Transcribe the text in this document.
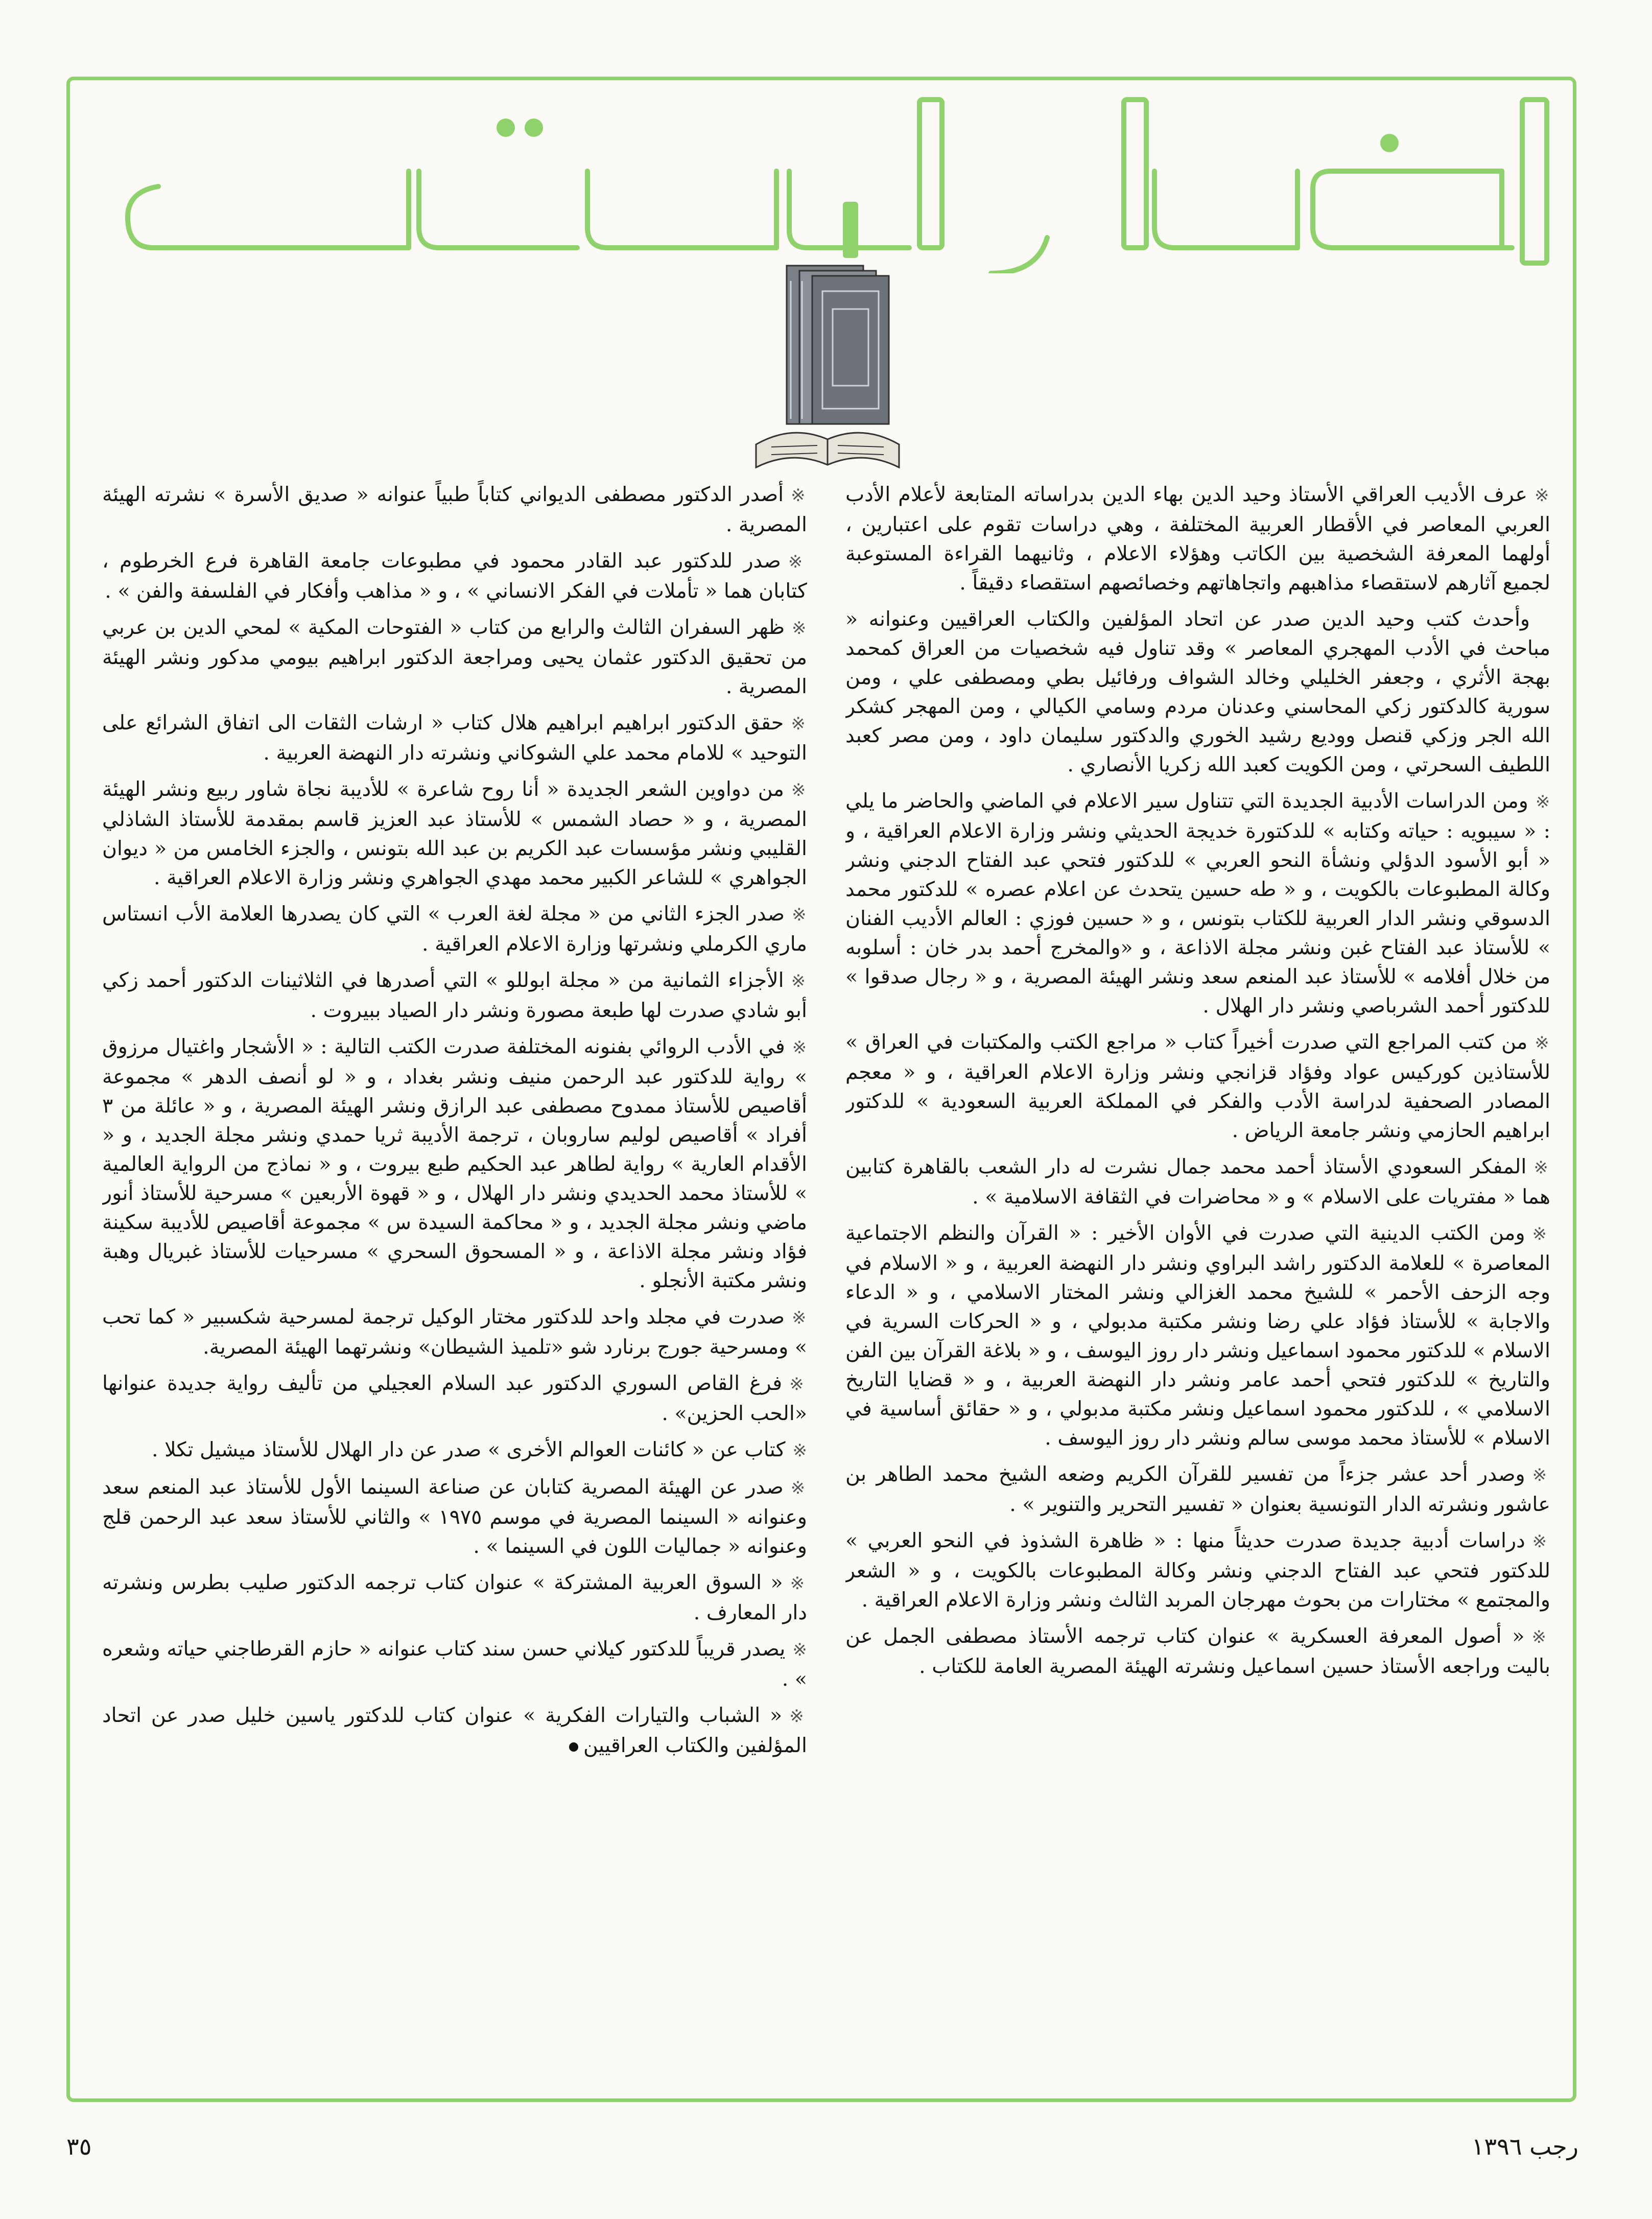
※عرف الأديب العراقي الأستاذ وحيد الدين بهاء الدين بدراساته المتابعة لأعلام الأدب العربي المعاصر في الأقطار العربية المختلفة ، وهي دراسات تقوم على اعتبارين ، أولهما المعرفة الشخصية بين الكاتب وهؤلاء الاعلام ، وثانيهما القراءة المستوعبة لجميع آثارهم لاستقصاء مذاهبهم واتجاهاتهم وخصائصهم استقصاء دقيقاً .

وأحدث كتب وحيد الدين صدر عن اتحاد المؤلفين والكتاب العراقيين وعنوانه « مباحث في الأدب المهجري المعاصر » وقد تناول فيه شخصيات من العراق كمحمد بهجة الأثري ، وجعفر الخليلي وخالد الشواف ورفائيل بطي ومصطفى علي ، ومن سورية كالدكتور زكي المحاسني وعدنان مردم وسامي الكيالي ، ومن المهجر كشكر الله الجر وزكي قنصل ووديع رشيد الخوري والدكتور سليمان داود ، ومن مصر كعبد اللطيف السحرتي ، ومن الكويت كعبد الله زكريا الأنصاري .

※ومن الدراسات الأدبية الجديدة التي تتناول سير الاعلام في الماضي والحاضر ما يلي : « سيبويه : حياته وكتابه » للدكتورة خديجة الحديثي ونشر وزارة الاعلام العراقية ، و « أبو الأسود الدؤلي ونشأة النحو العربي » للدكتور فتحي عبد الفتاح الدجني ونشر وكالة المطبوعات بالكويت ، و « طه حسين يتحدث عن اعلام عصره » للدكتور محمد الدسوقي ونشر الدار العربية للكتاب بتونس ، و « حسين فوزي : العالم الأديب الفنان » للأستاذ عبد الفتاح غبن ونشر مجلة الاذاعة ، و «والمخرج أحمد بدر خان : أسلوبه من خلال أفلامه » للأستاذ عبد المنعم سعد ونشر الهيئة المصرية ، و « رجال صدقوا » للدكتور أحمد الشرباصي ونشر دار الهلال .

※من كتب المراجع التي صدرت أخيراً كتاب « مراجع الكتب والمكتبات في العراق » للأستاذين كوركيس عواد وفؤاد قزانجي ونشر وزارة الاعلام العراقية ، و « معجم المصادر الصحفية لدراسة الأدب والفكر في المملكة العربية السعودية » للدكتور ابراهيم الحازمي ونشر جامعة الرياض .

※المفكر السعودي الأستاذ أحمد محمد جمال نشرت له دار الشعب بالقاهرة كتابين هما « مفتريات على الاسلام » و « محاضرات في الثقافة الاسلامية » .

※ومن الكتب الدينية التي صدرت في الأوان الأخير : « القرآن والنظم الاجتماعية المعاصرة » للعلامة الدكتور راشد البراوي ونشر دار النهضة العربية ، و « الاسلام في وجه الزحف الأحمر » للشيخ محمد الغزالي ونشر المختار الاسلامي ، و « الدعاء والاجابة » للأستاذ فؤاد علي رضا ونشر مكتبة مدبولي ، و « الحركات السرية في الاسلام » للدكتور محمود اسماعيل ونشر دار روز اليوسف ، و « بلاغة القرآن بين الفن والتاريخ » للدكتور فتحي أحمد عامر ونشر دار النهضة العربية ، و « قضايا التاريخ الاسلامي » ، للدكتور محمود اسماعيل ونشر مكتبة مدبولي ، و « حقائق أساسية في الاسلام » للأستاذ محمد موسى سالم ونشر دار روز اليوسف .

※وصدر أحد عشر جزءاً من تفسير للقرآن الكريم وضعه الشيخ محمد الطاهر بن عاشور ونشرته الدار التونسية بعنوان « تفسير التحرير والتنوير » .

※دراسات أدبية جديدة صدرت حديثاً منها : « ظاهرة الشذوذ في النحو العربي » للدكتور فتحي عبد الفتاح الدجني ونشر وكالة المطبوعات بالكويت ، و « الشعر والمجتمع » مختارات من بحوث مهرجان المربد الثالث ونشر وزارة الاعلام العراقية .

※« أصول المعرفة العسكرية » عنوان كتاب ترجمه الأستاذ مصطفى الجمل عن باليت وراجعه الأستاذ حسين اسماعيل ونشرته الهيئة المصرية العامة للكتاب .

※أصدر الدكتور مصطفى الديواني كتاباً طبياً عنوانه « صديق الأسرة » نشرته الهيئة المصرية .

※صدر للدكتور عبد القادر محمود في مطبوعات جامعة القاهرة فرع الخرطوم ، كتابان هما « تأملات في الفكر الانساني » ، و « مذاهب وأفكار في الفلسفة والفن » .

※ظهر السفران الثالث والرابع من كتاب « الفتوحات المكية » لمحي الدين بن عربي من تحقيق الدكتور عثمان يحيى ومراجعة الدكتور ابراهيم بيومي مدكور ونشر الهيئة المصرية .

※حقق الدكتور ابراهيم ابراهيم هلال كتاب « ارشات الثقات الى اتفاق الشرائع على التوحيد » للامام محمد علي الشوكاني ونشرته دار النهضة العربية .

※من دواوين الشعر الجديدة « أنا روح شاعرة » للأديبة نجاة شاور ربيع ونشر الهيئة المصرية ، و « حصاد الشمس » للأستاذ عبد العزيز قاسم بمقدمة للأستاذ الشاذلي القليبي ونشر مؤسسات عبد الكريم بن عبد الله بتونس ، والجزء الخامس من « ديوان الجواهري » للشاعر الكبير محمد مهدي الجواهري ونشر وزارة الاعلام العراقية .

※صدر الجزء الثاني من « مجلة لغة العرب » التي كان يصدرها العلامة الأب انستاس ماري الكرملي ونشرتها وزارة الاعلام العراقية .

※الأجزاء الثمانية من « مجلة ابوللو » التي أصدرها في الثلاثينات الدكتور أحمد زكي أبو شادي صدرت لها طبعة مصورة ونشر دار الصياد ببيروت .

※في الأدب الروائي بفنونه المختلفة صدرت الكتب التالية : « الأشجار واغتيال مرزوق » رواية للدكتور عبد الرحمن منيف ونشر بغداد ، و « لو أنصف الدهر » مجموعة أقاصيص للأستاذ ممدوح مصطفى عبد الرازق ونشر الهيئة المصرية ، و « عائلة من ٣ أفراد » أقاصيص لوليم ساروبان ، ترجمة الأديبة ثريا حمدي ونشر مجلة الجديد ، و « الأقدام العارية » رواية لطاهر عبد الحكيم طبع بيروت ، و « نماذج من الرواية العالمية » للأستاذ محمد الحديدي ونشر دار الهلال ، و « قهوة الأربعين » مسرحية للأستاذ أنور ماضي ونشر مجلة الجديد ، و « محاكمة السيدة س » مجموعة أقاصيص للأديبة سكينة فؤاد ونشر مجلة الاذاعة ، و « المسحوق السحري » مسرحيات للأستاذ غبريال وهبة ونشر مكتبة الأنجلو .

※صدرت في مجلد واحد للدكتور مختار الوكيل ترجمة لمسرحية شكسبير « كما تحب » ومسرحية جورج برنارد شو «تلميذ الشيطان» ونشرتهما الهيئة المصرية.

※فرغ القاص السوري الدكتور عبد السلام العجيلي من تأليف رواية جديدة عنوانها «الحب الحزين» .

※كتاب عن « كائنات العوالم الأخرى » صدر عن دار الهلال للأستاذ ميشيل تكلا .

※صدر عن الهيئة المصرية كتابان عن صناعة السينما الأول للأستاذ عبد المنعم سعد وعنوانه « السينما المصرية في موسم ١٩٧٥ » والثاني للأستاذ سعد عبد الرحمن قلج وعنوانه « جماليات اللون في السينما » .

※« السوق العربية المشتركة » عنوان كتاب ترجمه الدكتور صليب بطرس ونشرته دار المعارف .

※يصدر قريباً للدكتور كيلاني حسن سند كتاب عنوانه « حازم القرطاجني حياته وشعره » .

※« الشباب والتيارات الفكرية » عنوان كتاب للدكتور ياسين خليل صدر عن اتحاد المؤلفين والكتاب العراقيين

رجب ١٣٩٦
٣٥
